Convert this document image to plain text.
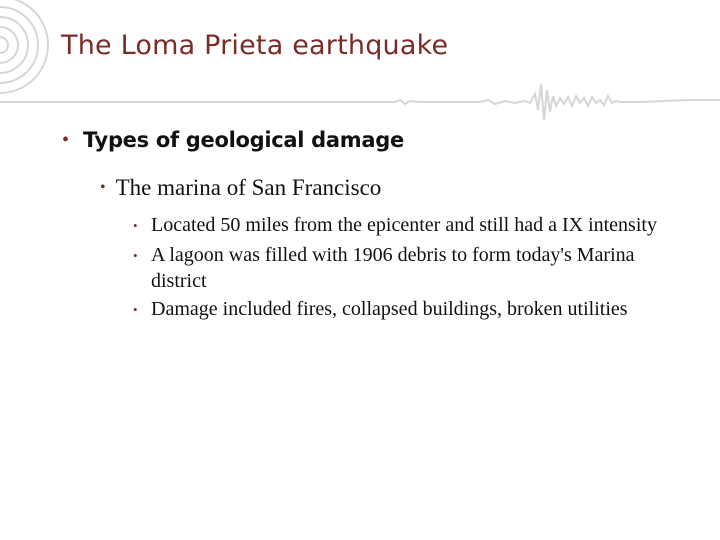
The Loma Prieta earthquake
• Types of geological damage
• The marina of San Francisco
• Located 50 miles from the epicenter and still had a IX intensity
• A lagoon was filled with 1906 debris to form today's Marina district
• Damage included fires, collapsed buildings, broken utilities
